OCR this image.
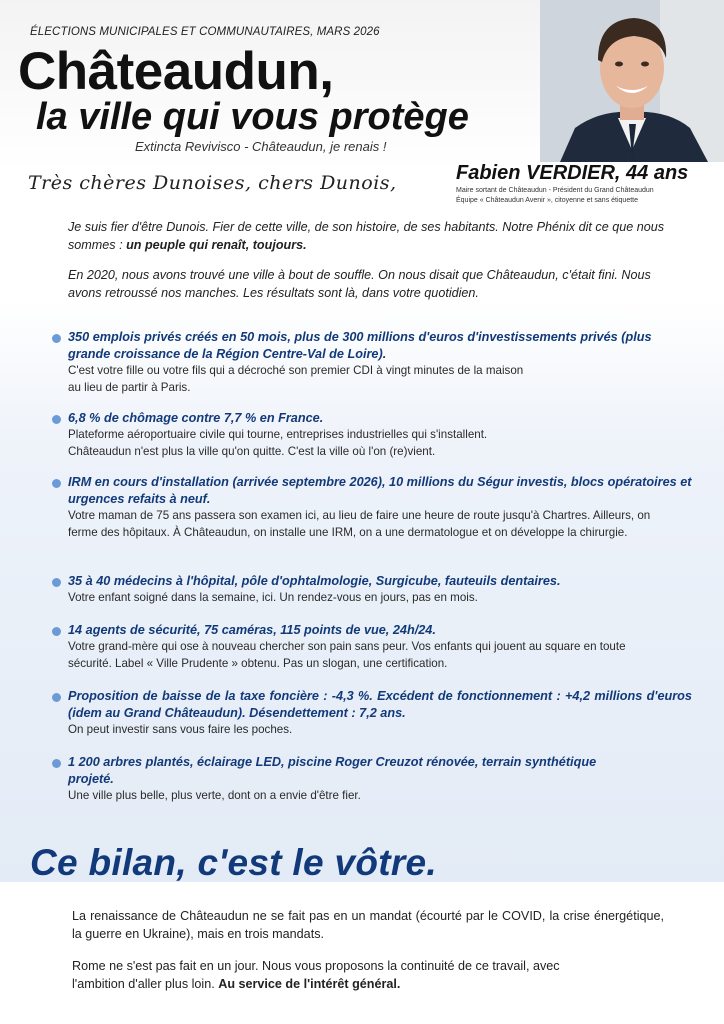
ÉLECTIONS MUNICIPALES ET COMMUNAUTAIRES, MARS 2026

Châteaudun,
la ville qui vous protège
Extincta Revivisco - Châteaudun, je renais !
Fabien VERDIER, 44 ans
Maire sortant de Châteaudun - Président du Grand Châteaudun
Équipe « Châteaudun Avenir », citoyenne et sans étiquette
Très chères Dunoises, chers Dunois,

Je suis fier d'être Dunois. Fier de cette ville, de son histoire, de ses habitants. Notre Phénix dit ce que nous sommes : un peuple qui renaît, toujours.

En 2020, nous avons trouvé une ville à bout de souffle. On nous disait que Châteaudun, c'était fini. Nous avons retroussé nos manches. Les résultats sont là, dans votre quotidien.

350 emplois privés créés en 50 mois, plus de 300 millions d'euros d'investissements privés (plus grande croissance de la Région Centre-Val de Loire).
C'est votre fille ou votre fils qui a décroché son premier CDI à vingt minutes de la maison au lieu de partir à Paris.
6,8 % de chômage contre 7,7 % en France.
Plateforme aéroportuaire civile qui tourne, entreprises industrielles qui s'installent. Châteaudun n'est plus la ville qu'on quitte. C'est la ville où l'on (re)vient.
IRM en cours d'installation (arrivée septembre 2026), 10 millions du Ségur investis, blocs opératoires et urgences refaits à neuf.
Votre maman de 75 ans passera son examen ici, au lieu de faire une heure de route jusqu'à Chartres. Ailleurs, on ferme des hôpitaux. À Châteaudun, on installe une IRM, on a une dermatologue et on développe la chirurgie.
35 à 40 médecins à l'hôpital, pôle d'ophtalmologie, Surgicube, fauteuils dentaires.
Votre enfant soigné dans la semaine, ici. Un rendez-vous en jours, pas en mois.
14 agents de sécurité, 75 caméras, 115 points de vue, 24h/24.
Votre grand-mère qui ose à nouveau chercher son pain sans peur. Vos enfants qui jouent au square en toute sécurité. Label « Ville Prudente » obtenu. Pas un slogan, une certification.
Proposition de baisse de la taxe foncière : -4,3 %. Excédent de fonctionnement : +4,2 millions d'euros (idem au Grand Châteaudun). Désendettement : 7,2 ans.
On peut investir sans vous faire les poches.
1 200 arbres plantés, éclairage LED, piscine Roger Creuzot rénovée, terrain synthétique projeté.
Une ville plus belle, plus verte, dont on a envie d'être fier.
Ce bilan, c'est le vôtre.

La renaissance de Châteaudun ne se fait pas en un mandat (écourté par le COVID, la crise énergétique, la guerre en Ukraine), mais en trois mandats.

Rome ne s'est pas fait en un jour. Nous vous proposons la continuité de ce travail, avec l'ambition d'aller plus loin. Au service de l'intérêt général.
